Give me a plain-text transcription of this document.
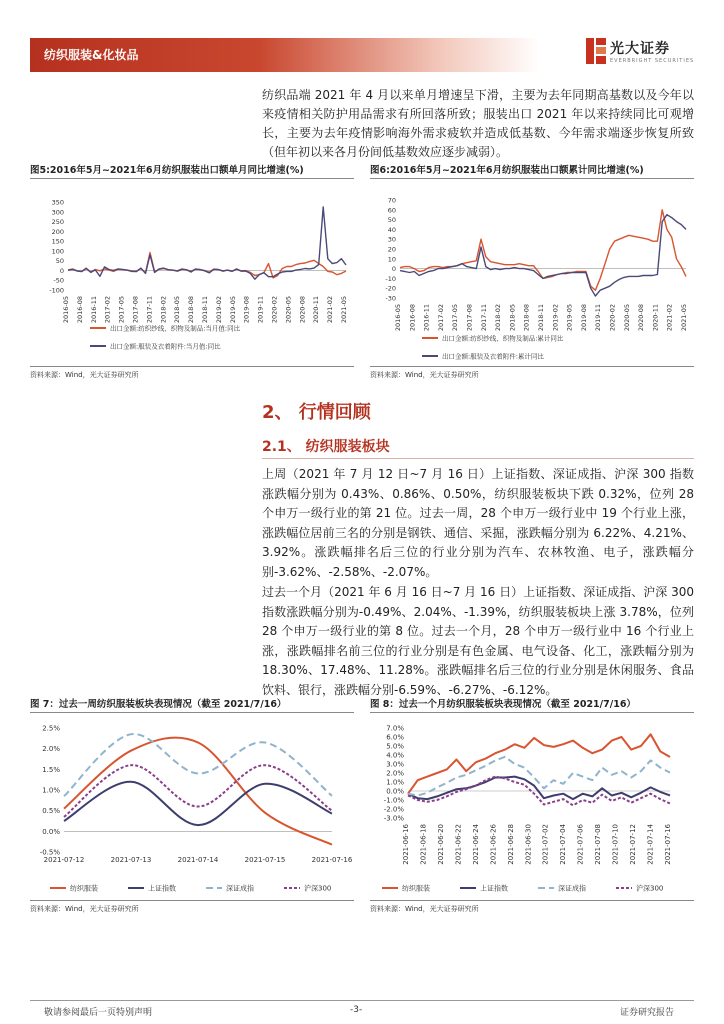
纺织服装&化妆品	光大证券
EVERBRIGHT SECURITIES
纺织品端 2021 年 4 月以来单月增速呈下滑，主要为去年同期高基数以及今年以来疫情相关防护用品需求有所回落所致；服装出口 2021 年以来持续同比可观增长，主要为去年疫情影响海外需求疲软并造成低基数、今年需求端逐步恢复所致（但年初以来各月份间低基数效应逐步减弱）。
图5:2016年5月~2021年6月纺织服装出口额单月同比增速(%)
350
300
250
200
150
100
50
0
-50
-100
2016-05 2016-08 2016-11 2017-02 2017-05 2017-08 2017-11 2018-02 2018-05 2018-08 2018-11 2019-02 2019-05 2019-08 2019-11 2020-02 2020-05 2020-08 2020-11 2021-02 2021-05
出口金额:纺织纱线、织物及制品:当月值:同比
出口金额:服装及衣着附件:当月值:同比
资料来源：Wind，光大证券研究所
图6:2016年5月~2021年6月纺织服装出口额累计同比增速(%)
70
60
50
40
30
20
10
0
-10
-20
-30
2016-05 2016-08 2016-11 2017-02 2017-05 2017-08 2017-11 2018-02 2018-05 2018-08 2018-11 2019-02 2019-05 2019-08 2019-11 2020-02 2020-05 2020-08 2020-11 2021-02 2021-05
出口金额:纺织纱线、织物及制品:累计同比
出口金额:服装及衣着附件:累计同比
资料来源：Wind，光大证券研究所
2、 行情回顾
2.1、 纺织服装板块
上周（2021 年 7 月 12 日~7 月 16 日）上证指数、深证成指、沪深 300 指数涨跌幅分别为 0.43%、0.86%、0.50%，纺织服装板块下跌 0.32%，位列 28 个申万一级行业的第 21 位。过去一周，28 个申万一级行业中 19 个行业上涨，涨跌幅位居前三名的分别是钢铁、通信、采掘，涨跌幅分别为 6.22%、4.21%、3.92%。涨跌幅排名后三位的行业分别为汽车、农林牧渔、电子，涨跌幅分别-3.62%、-2.58%、-2.07%。
过去一个月（2021 年 6 月 16 日~7 月 16 日）上证指数、深证成指、沪深 300 指数涨跌幅分别为-0.49%、2.04%、-1.39%，纺织服装板块上涨 3.78%，位列 28 个申万一级行业的第 8 位。过去一个月，28 个申万一级行业中 16 个行业上涨，涨跌幅排名前三位的行业分别是有色金属、电气设备、化工，涨跌幅分别为 18.30%、17.48%、11.28%。涨跌幅排名后三位的行业分别是休闲服务、食品饮料、银行，涨跌幅分别-6.59%、-6.27%、-6.12%。
图 7：过去一周纺织服装板块表现情况（截至 2021/7/16）
2.5%
2.0%
1.5%
1.0%
0.5%
0.0%
-0.5%
2021-07-12	2021-07-13	2021-07-14	2021-07-15	2021-07-16
纺织服装	上证指数	深证成指	沪深300
资料来源：Wind，光大证券研究所
图 8：过去一个月纺织服装板块表现情况（截至 2021/7/16）
7.0%
6.0%
5.0%
4.0%
3.0%
2.0%
1.0%
0.0%
-1.0%
-2.0%
-3.0%
2021-06-16 2021-06-18 2021-06-20 2021-06-22 2021-06-24 2021-06-26 2021-06-28 2021-06-30 2021-07-02 2021-07-04 2021-07-06 2021-07-08 2021-07-10 2021-07-12 2021-07-14 2021-07-16
纺织服装	上证指数	深证成指	沪深300
资料来源：Wind，光大证券研究所
敬请参阅最后一页特别声明	-3-	证券研究报告
